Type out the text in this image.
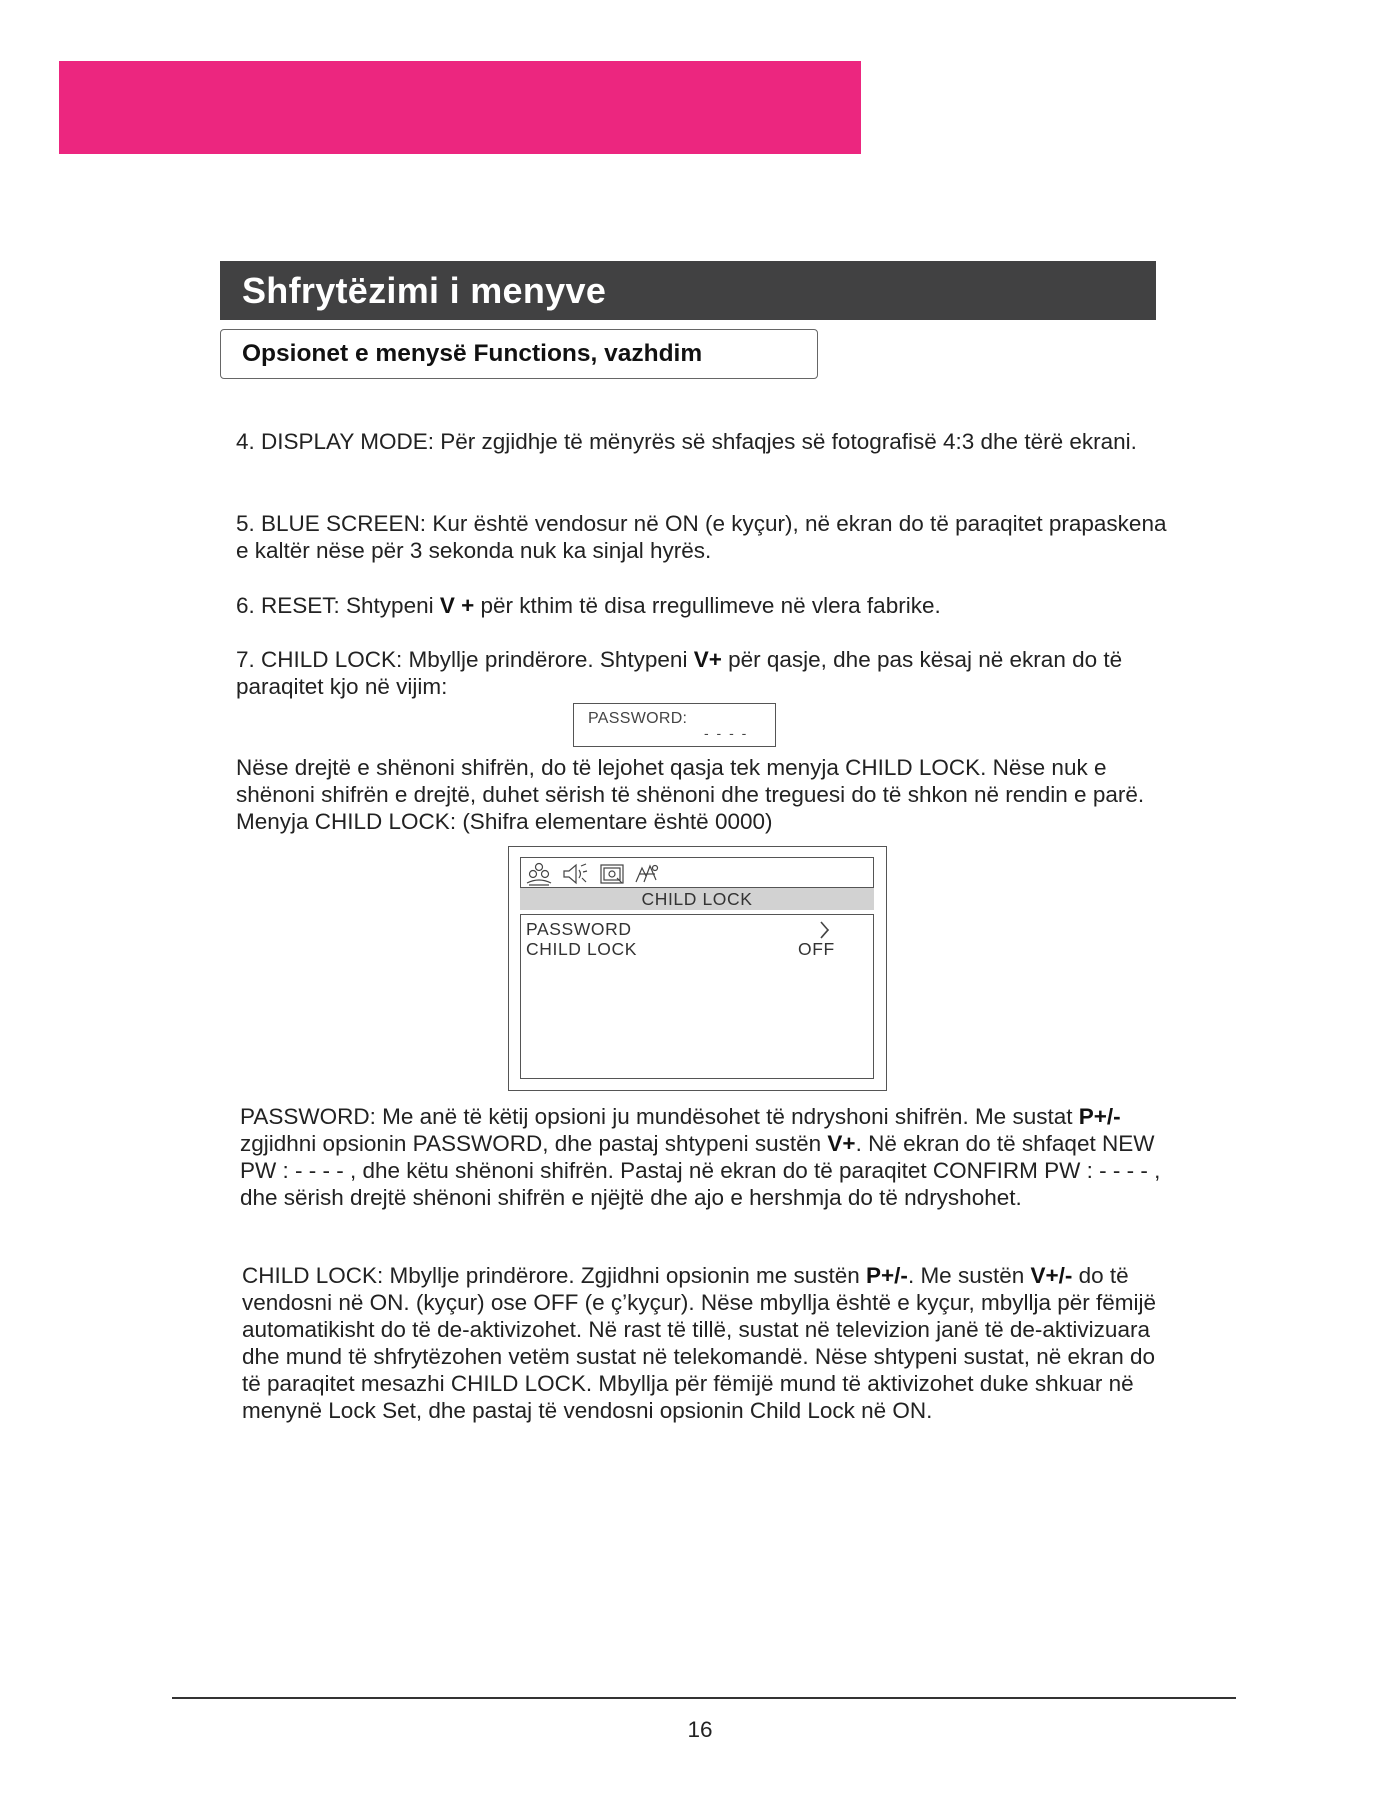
Shfrytëzimi i menyve
Opsionet e menysë Functions, vazhdim

4. DISPLAY MODE: Për zgjidhje të mënyrës së shfaqjes së fotografisë 4:3 dhe tërë ekrani.

5. BLUE SCREEN: Kur është vendosur në ON (e kyçur), në ekran do të paraqitet prapaskena e kaltër nëse për 3 sekonda nuk ka sinjal hyrës.

6. RESET: Shtypeni V + për kthim të disa rregullimeve në vlera fabrike.

7. CHILD LOCK: Mbyllje prindërore. Shtypeni V+ për qasje, dhe pas kësaj në ekran do të paraqitet kjo në vijim:

PASSWORD:
- - - -

Nëse drejtë e shënoni shifrën, do të lejohet qasja tek menyja CHILD LOCK. Nëse nuk e shënoni shifrën e drejtë, duhet sërish të shënoni dhe treguesi do të shkon në rendin e parë. Menyja CHILD LOCK: (Shifra elementare është 0000)

CHILD LOCK
PASSWORD
CHILD LOCK	OFF

PASSWORD: Me anë të këtij opsioni ju mundësohet të ndryshoni shifrën. Me sustat P+/- zgjidhni opsionin PASSWORD, dhe pastaj shtypeni sustën V+. Në ekran do të shfaqet NEW PW : - - - - , dhe këtu shënoni shifrën. Pastaj në ekran do të paraqitet CONFIRM PW : - - - - , dhe sërish drejtë shënoni shifrën e njëjtë dhe ajo e hershmja do të ndryshohet.

CHILD LOCK: Mbyllje prindërore. Zgjidhni opsionin me sustën P+/-. Me sustën V+/- do të vendosni në ON. (kyçur) ose OFF (e ç’kyçur). Nëse mbyllja është e kyçur, mbyllja për fëmijë automatikisht do të de-aktivizohet. Në rast të tillë, sustat në televizion janë të de-aktivizuara dhe mund të shfrytëzohen vetëm sustat në telekomandë. Nëse shtypeni sustat, në ekran do të paraqitet mesazhi CHILD LOCK. Mbyllja për fëmijë mund të aktivizohet duke shkuar në menynë Lock Set, dhe pastaj të vendosni opsionin Child Lock në ON.

16
